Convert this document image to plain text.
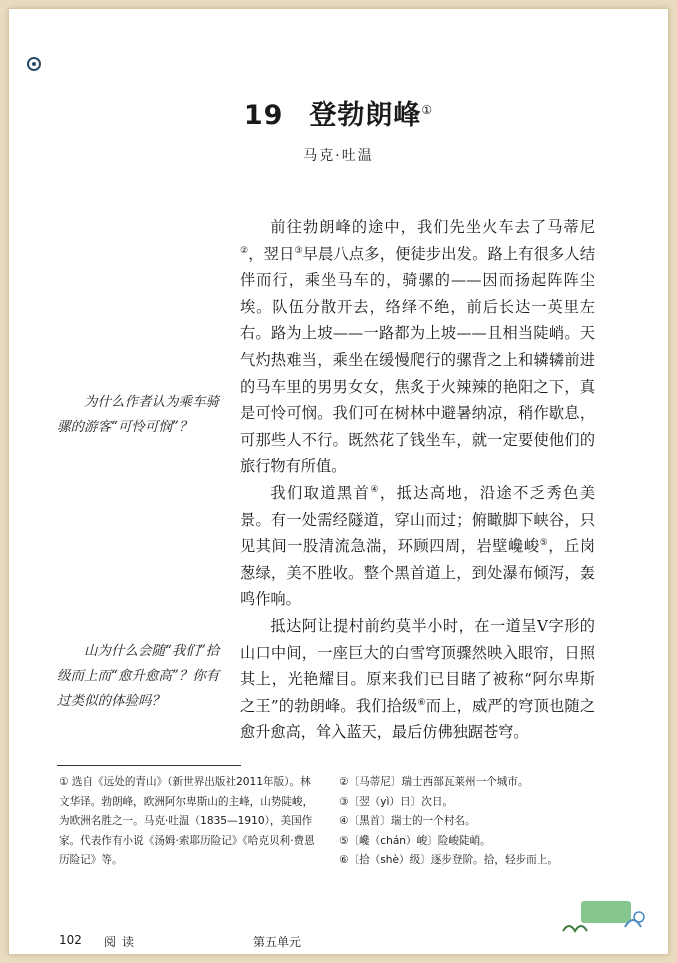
19 登勃朗峰①
马克·吐温

前往勃朗峰的途中，我们先坐火车去了马蒂尼②，翌日③早晨八点多，便徒步出发。路上有很多人结伴而行，乘坐马车的，骑骡的——因而扬起阵阵尘埃。队伍分散开去，络绎不绝，前后长达一英里左右。路为上坡——一路都为上坡——且相当陡峭。天气灼热难当，乘坐在缓慢爬行的骡背之上和辚辚前进的马车里的男男女女，焦炙于火辣辣的艳阳之下，真是可怜可悯。我们可在树林中避暑纳凉，稍作歇息，可那些人不行。既然花了钱坐车，就一定要使他们的旅行物有所值。

我们取道黑首④，抵达高地，沿途不乏秀色美景。有一处需经隧道，穿山而过；俯瞰脚下峡谷，只见其间一股清流急湍，环顾四周，岩壁巉峻⑤，丘岗葱绿，美不胜收。整个黑首道上，到处瀑布倾泻，轰鸣作响。

抵达阿让提村前约莫半小时，在一道呈V字形的山口中间，一座巨大的白雪穹顶骤然映入眼帘，日照其上，光艳耀目。原来我们已目睹了被称“阿尔卑斯之王”的勃朗峰。我们拾级⑥而上，威严的穹顶也随之愈升愈高，耸入蓝天，最后仿佛独踞苍穹。

为什么作者认为乘车骑骡的游客“可怜可悯”？

山为什么会随“我们”拾级而上而“愈升愈高”？你有过类似的体验吗？

① 选自《远处的青山》（新世界出版社2011年版）。林文华译。勃朗峰，欧洲阿尔卑斯山的主峰，山势陡峻，为欧洲名胜之一。马克·吐温（1835—1910），美国作家。代表作有小说《汤姆·索耶历险记》《哈克贝利·费恩历险记》等。

②〔马蒂尼〕瑞士西部瓦莱州一个城市。

③〔翌（yì）日〕次日。

④〔黑首〕瑞士的一个村名。

⑤〔巉（chán）峻〕险峻陡峭。

⑥〔拾（shè）级〕逐步登阶。拾，轻步而上。

102 阅读	第五单元
